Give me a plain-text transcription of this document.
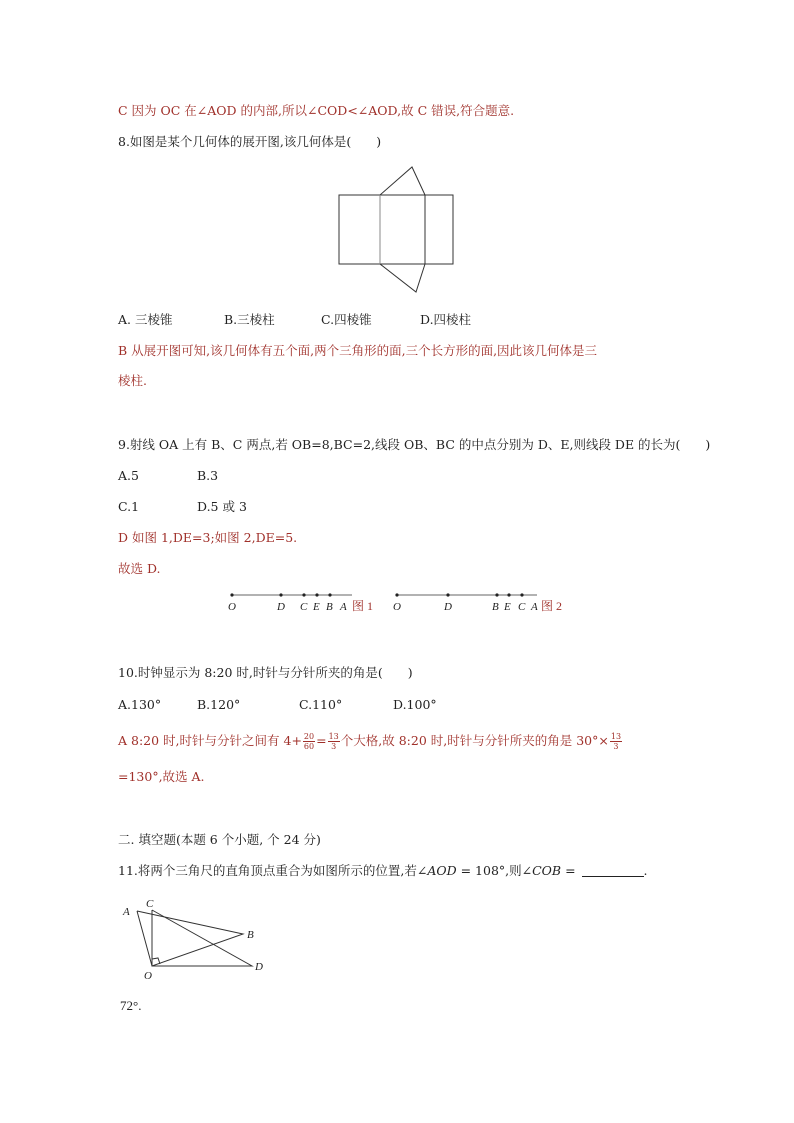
C 因为 OC 在∠AOD 的内部,所以∠COD<∠AOD,故 C 错误,符合题意.
8.如图是某个几何体的展开图,该几何体是(　　)
A. 三棱锥	B.三棱柱	C.四棱锥	D.四棱柱
B 从展开图可知,该几何体有五个面,两个三角形的面,三个长方形的面,因此该几何体是三
棱柱.
9.射线 OA 上有 B、C 两点,若 OB=8,BC=2,线段 OB、BC 的中点分别为 D、E,则线段 DE 的长为(　　)
A.5	B.3
C.1	D.5 或 3
D 如图 1,DE=3;如图 2,DE=5.
故选 D.
O	D C E B A 图 1 O	D	B E C A 图 2
10.时钟显示为 8:20 时,时针与分针所夹的角是(　　)
A.130°	B.120°	C.110°	D.100°
A 8:20 时,时针与分针之间有 $4+ \frac{20}{60} = \frac{13}{3}$ 个大格,故 8:20 时,时针与分针所夹的角是 $30^\circ\times \frac{13}{3}$
=130°,故选 A.
二. 填空题(本题 6 个小题, 个 24 分)
11.将两个三角尺的直角顶点重合为如图所示的位置,若∠AOD = 108°,则∠COB =	.
A
C
B
O
D
72°.
